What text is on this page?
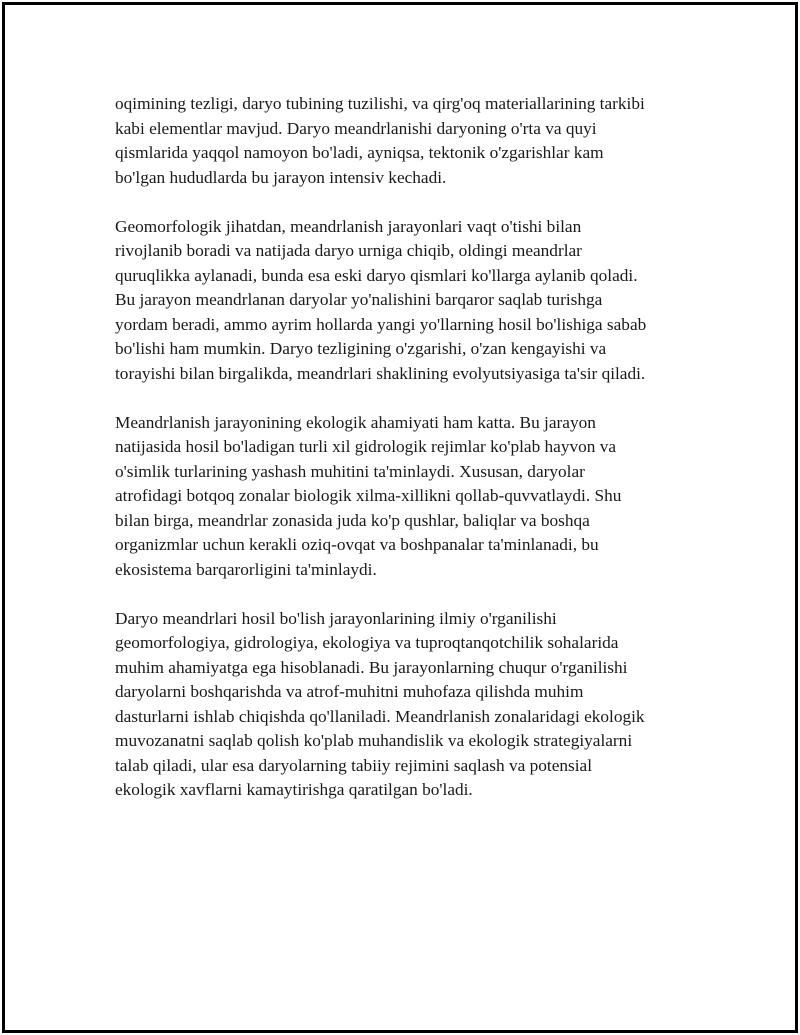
oqimining tezligi, daryo tubining tuzilishi, va qirg'oq materiallarining tarkibi
kabi elementlar mavjud. Daryo meandrlanishi daryoning o'rta va quyi
qismlarida yaqqol namoyon bo'ladi, ayniqsa, tektonik o'zgarishlar kam
bo'lgan hududlarda bu jarayon intensiv kechadi.

Geomorfologik jihatdan, meandrlanish jarayonlari vaqt o'tishi bilan
rivojlanib boradi va natijada daryo urniga chiqib, oldingi meandrlar
quruqlikka aylanadi, bunda esa eski daryo qismlari ko'llarga aylanib qoladi.
Bu jarayon meandrlanan daryolar yo'nalishini barqaror saqlab turishga
yordam beradi, ammo ayrim hollarda yangi yo'llarning hosil bo'lishiga sabab
bo'lishi ham mumkin. Daryo tezligining o'zgarishi, o'zan kengayishi va
torayishi bilan birgalikda, meandrlari shaklining evolyutsiyasiga ta'sir qiladi.

Meandrlanish jarayonining ekologik ahamiyati ham katta. Bu jarayon
natijasida hosil bo'ladigan turli xil gidrologik rejimlar ko'plab hayvon va
o'simlik turlarining yashash muhitini ta'minlaydi. Xususan, daryolar
atrofidagi botqoq zonalar biologik xilma-xillikni qollab-quvvatlaydi. Shu
bilan birga, meandrlar zonasida juda ko'p qushlar, baliqlar va boshqa
organizmlar uchun kerakli oziq-ovqat va boshpanalar ta'minlanadi, bu
ekosistema barqarorligini ta'minlaydi.

Daryo meandrlari hosil bo'lish jarayonlarining ilmiy o'rganilishi
geomorfologiya, gidrologiya, ekologiya va tuproqtanqotchilik sohalarida
muhim ahamiyatga ega hisoblanadi. Bu jarayonlarning chuqur o'rganilishi
daryolarni boshqarishda va atrof-muhitni muhofaza qilishda muhim
dasturlarni ishlab chiqishda qo'llaniladi. Meandrlanish zonalaridagi ekologik
muvozanatni saqlab qolish ko'plab muhandislik va ekologik strategiyalarni
talab qiladi, ular esa daryolarning tabiiy rejimini saqlash va potensial
ekologik xavflarni kamaytirishga qaratilgan bo'ladi.
